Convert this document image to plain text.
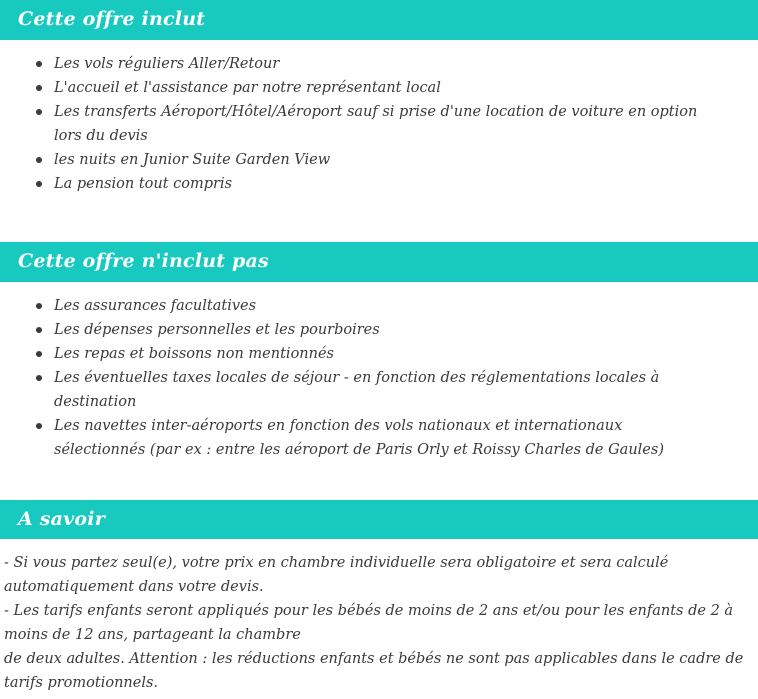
Cette offre inclut
Les vols réguliers Aller/Retour
L'accueil et l'assistance par notre représentant local
Les transferts Aéroport/Hôtel/Aéroport sauf si prise d'une location de voiture en option lors du devis
les nuits en Junior Suite Garden View
La pension tout compris
Cette offre n'inclut pas
Les assurances facultatives
Les dépenses personnelles et les pourboires
Les repas et boissons non mentionnés
Les éventuelles taxes locales de séjour - en fonction des réglementations locales à destination
Les navettes inter-aéroports en fonction des vols nationaux et internationaux sélectionnés (par ex : entre les aéroport de Paris Orly et Roissy Charles de Gaules)
A savoir

- Si vous partez seul(e), votre prix en chambre individuelle sera obligatoire et sera calculé automatiquement dans votre devis.

- Les tarifs enfants seront appliqués pour les bébés de moins de 2 ans et/ou pour les enfants de 2 à moins de 12 ans, partageant la chambre

de deux adultes. Attention : les réductions enfants et bébés ne sont pas applicables dans le cadre de tarifs promotionnels.
